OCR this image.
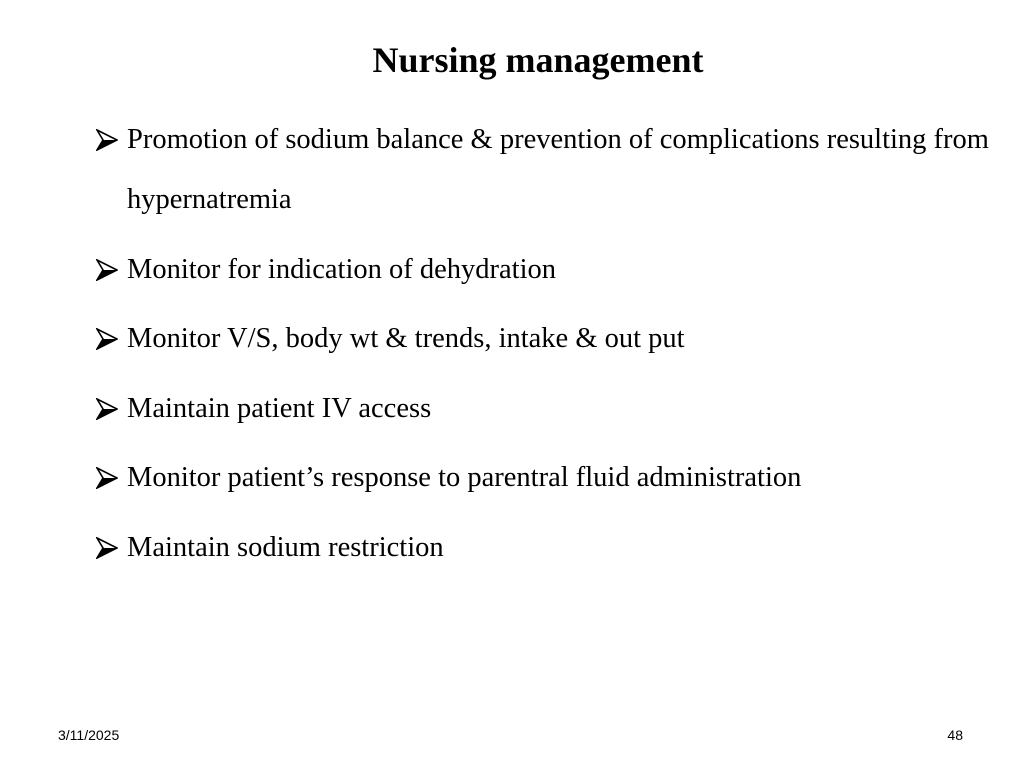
Nursing management
Promotion of sodium balance & prevention of complications resulting from hypernatremia
Monitor for indication of dehydration
Monitor V/S, body wt & trends, intake & out put
Maintain patient IV access
Monitor patient’s response to parentral fluid administration
Maintain sodium restriction
3/11/2025	48
